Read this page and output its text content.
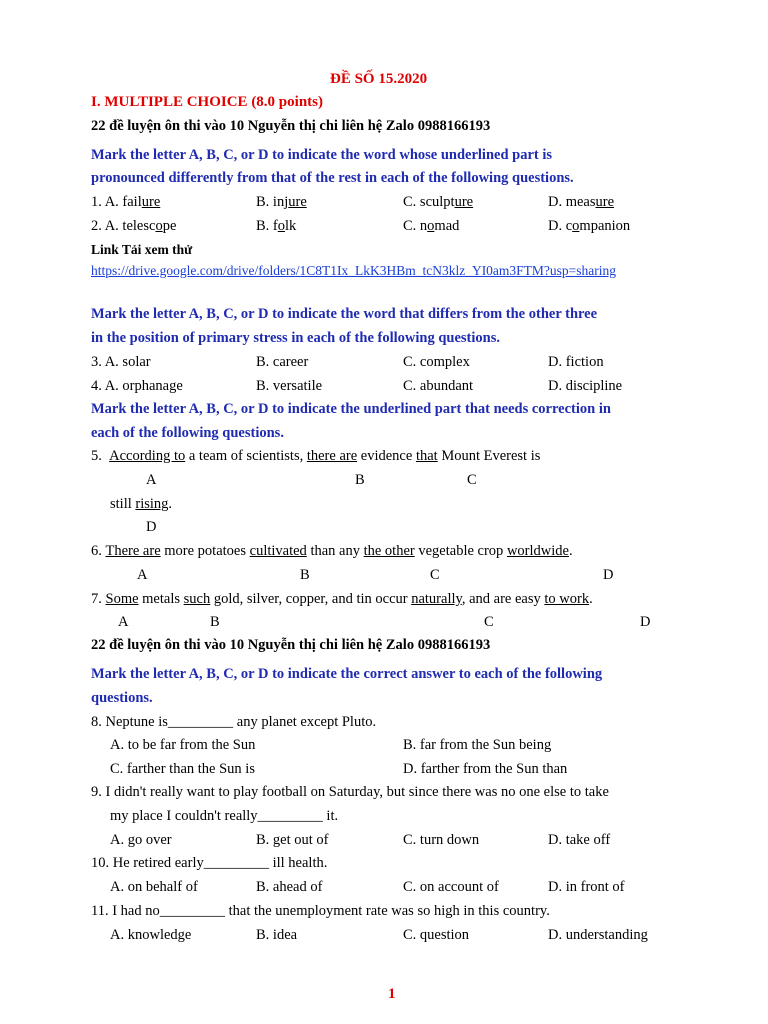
ĐỀ SỐ 15.2020
I. MULTIPLE CHOICE (8.0 points)
22 đề luyện ôn thi vào 10 Nguyễn thị chi liên hệ Zalo 0988166193
Mark the letter A, B, C, or D to indicate the word whose underlined part is
pronounced differently from that of the rest in each of the following questions.
1. A. failure	B. injure	C. sculpture	D. measure
2. A. telescope	B. folk	C. nomad	D. companion
Link Tải xem thử
https://drive.google.com/drive/folders/1C8T1Ix_LkK3HBm_tcN3klz_YI0am3FTM?usp=sharing
Mark the letter A, B, C, or D to indicate the word that differs from the other three
in the position of primary stress in each of the following questions.
3. A. solar	B. career	C. complex	D. fiction
4. A. orphanage	B. versatile	C. abundant	D. discipline
Mark the letter A, B, C, or D to indicate the underlined part that needs correction in
each of the following questions.
5. According to a team of scientists, there are evidence that Mount Everest is
A	B	C
still rising.
D
6. There are more potatoes cultivated than any the other vegetable crop worldwide.
A	B	C	D
7. Some metals such gold, silver, copper, and tin occur naturally, and are easy to work.
A	B	C	D
22 đề luyện ôn thi vào 10 Nguyễn thị chi liên hệ Zalo 0988166193
Mark the letter A, B, C, or D to indicate the correct answer to each of the following
questions.
8. Neptune is_________ any planet except Pluto.
A. to be far from the Sun	B. far from the Sun being
C. farther than the Sun is	D. farther from the Sun than
9. I didn't really want to play football on Saturday, but since there was no one else to take
my place I couldn't really_________ it.
A. go over	B. get out of	C. turn down	D. take off
10. He retired early_________ ill health.
A. on behalf of	B. ahead of	C. on account of	D. in front of
11. I had no_________ that the unemployment rate was so high in this country.
A. knowledge	B. idea	C. question	D. understanding
1
